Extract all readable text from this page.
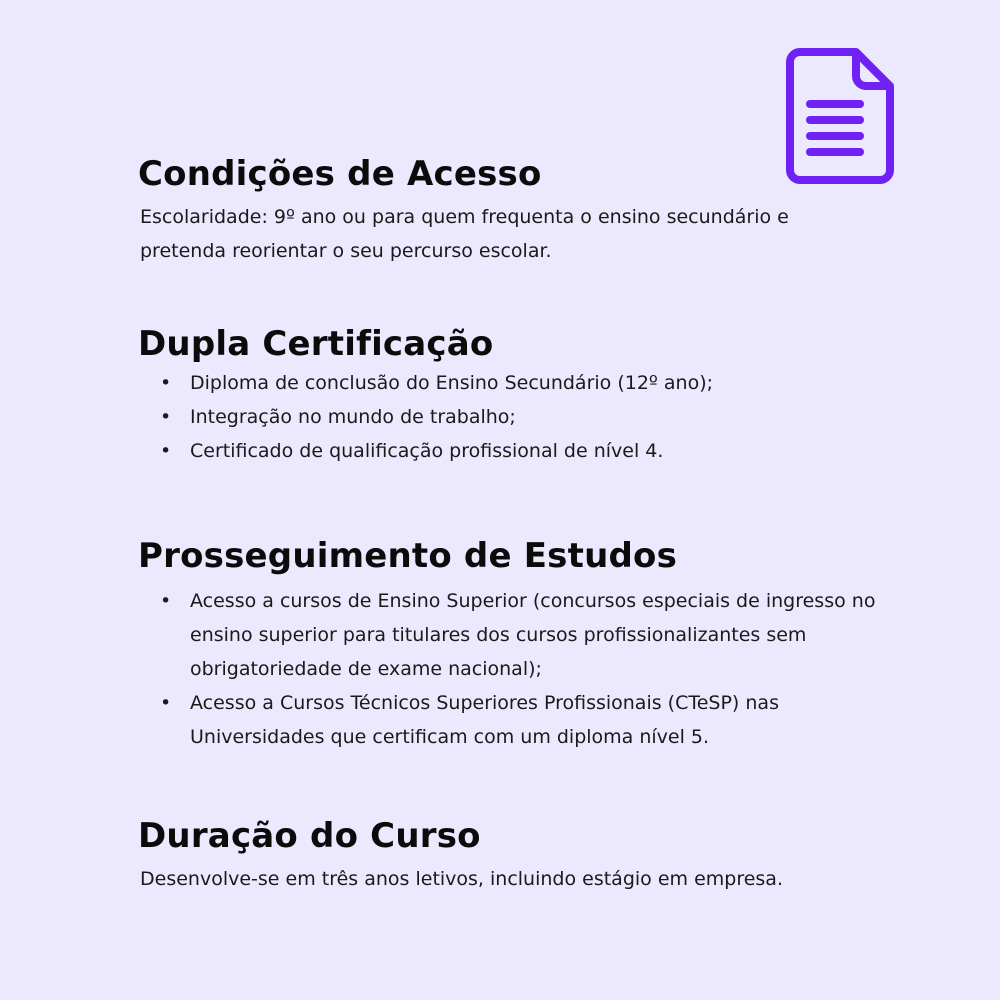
Condições de Acesso

Escolaridade: 9º ano ou para quem frequenta o ensino secundário e pretenda reorientar o seu percurso escolar.

Dupla Certificação
• Diploma de conclusão do Ensino Secundário (12º ano);
• Integração no mundo de trabalho;
• Certificado de qualificação profissional de nível 4.
Prosseguimento de Estudos
• Acesso a cursos de Ensino Superior (concursos especiais de ingresso no ensino superior para titulares dos cursos profissionalizantes sem obrigatoriedade de exame nacional);
• Acesso a Cursos Técnicos Superiores Profissionais (CTeSP) nas Universidades que certificam com um diploma nível 5.
Duração do Curso

Desenvolve-se em três anos letivos, incluindo estágio em empresa.
